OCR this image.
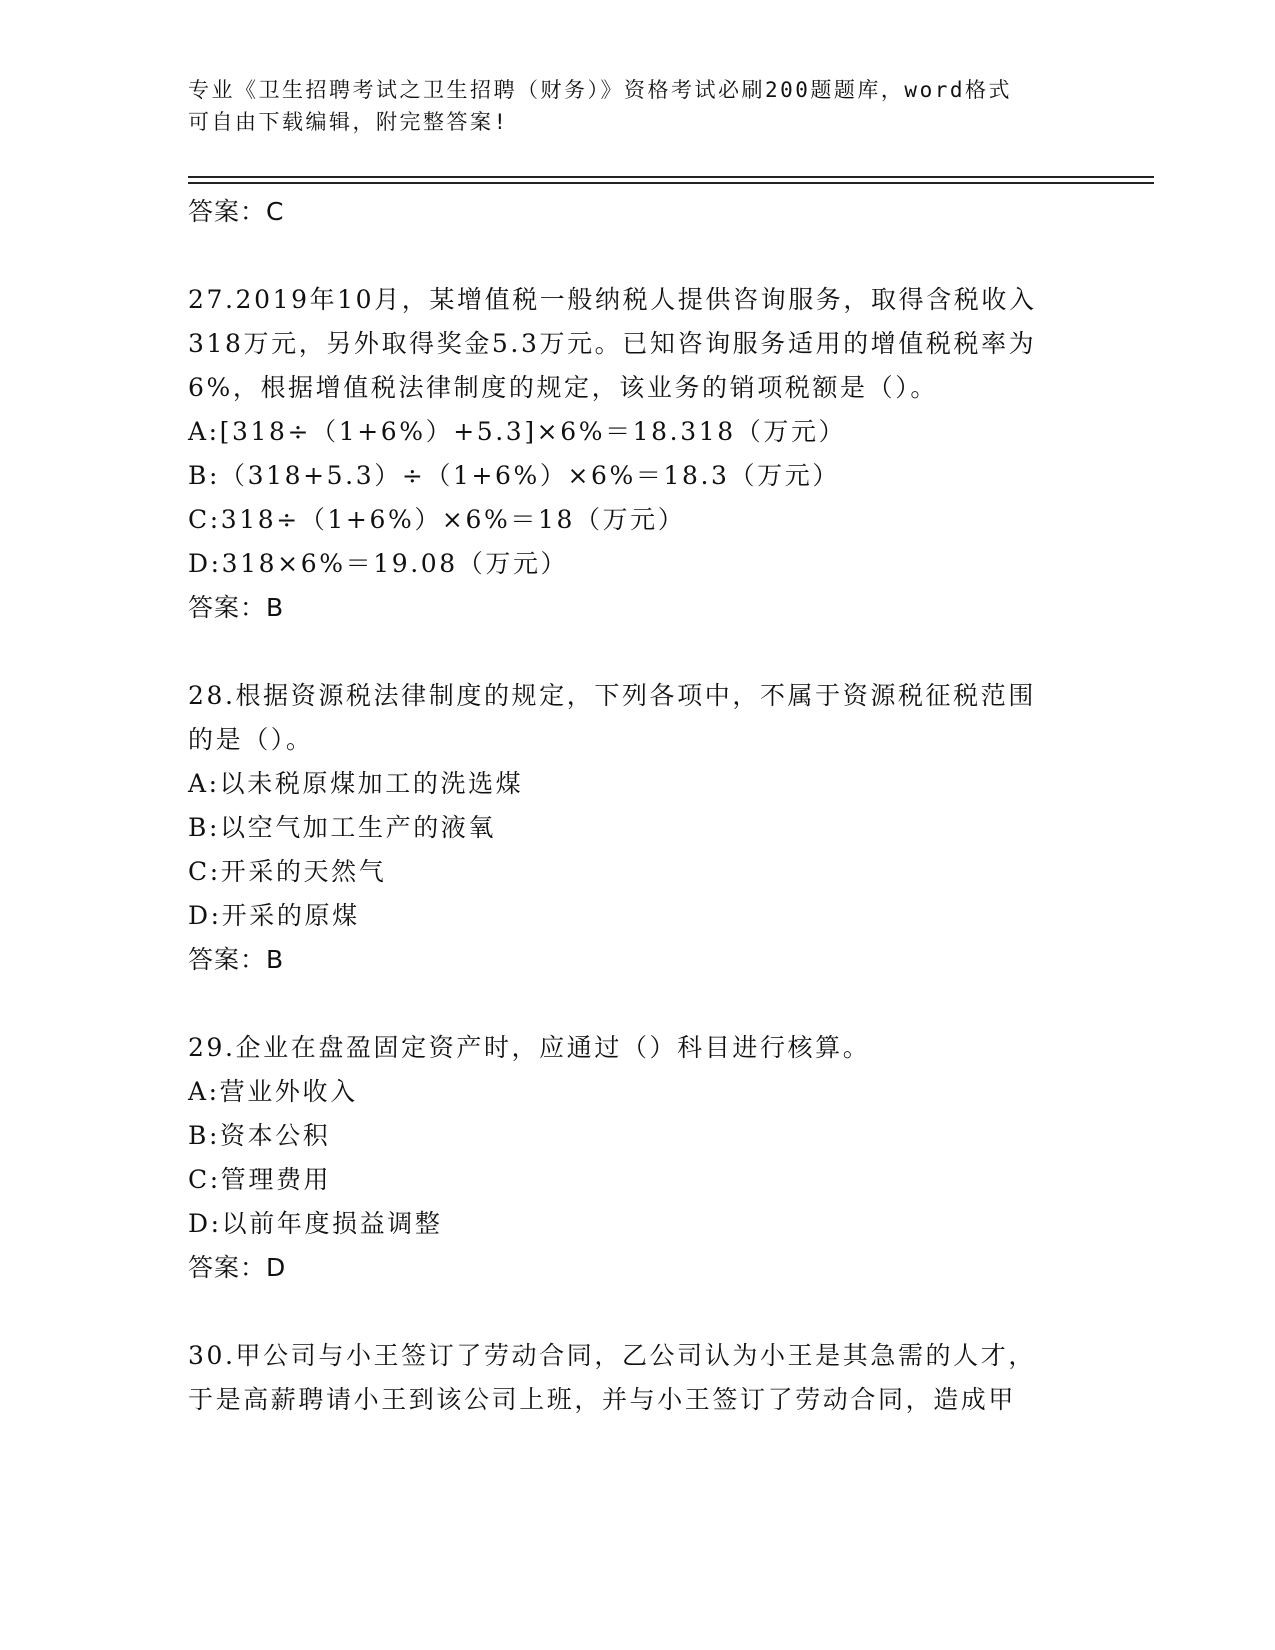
专业《卫生招聘考试之卫生招聘（财务）》资格考试必刷200题题库，word格式
可自由下载编辑，附完整答案!
答案：C
27.2019年10月，某增值税一般纳税人提供咨询服务，取得含税收入
318万元，另外取得奖金5.3万元。已知咨询服务适用的增值税税率为
6%，根据增值税法律制度的规定，该业务的销项税额是（）。
A:[318÷（1+6%）+5.3]×6%＝18.318（万元）
B:（318+5.3）÷（1+6%）×6%＝18.3（万元）
C:318÷（1+6%）×6%＝18（万元）
D:318×6%＝19.08（万元）
答案：B
28.根据资源税法律制度的规定，下列各项中，不属于资源税征税范围
的是（）。
A:以未税原煤加工的洗选煤
B:以空气加工生产的液氧
C:开采的天然气
D:开采的原煤
答案：B
29.企业在盘盈固定资产时，应通过（）科目进行核算。
A:营业外收入
B:资本公积
C:管理费用
D:以前年度损益调整
答案：D
30.甲公司与小王签订了劳动合同，乙公司认为小王是其急需的人才，
于是高薪聘请小王到该公司上班，并与小王签订了劳动合同，造成甲
